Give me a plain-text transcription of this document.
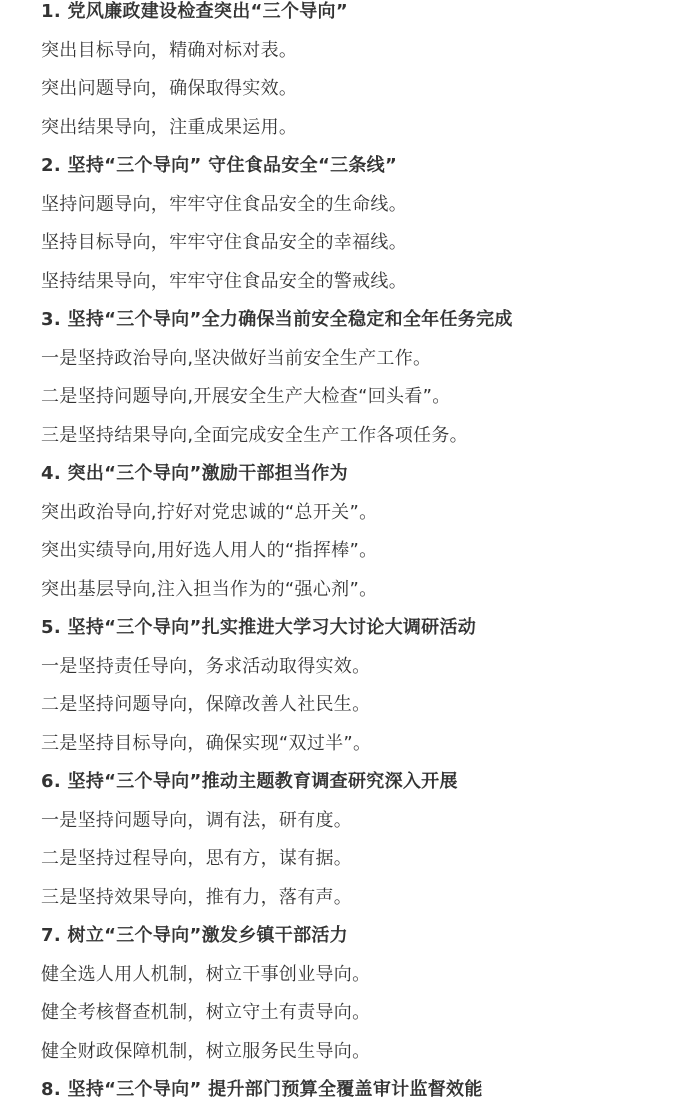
1. 党风廉政建设检查突出“三个导向”
突出目标导向，精确对标对表。
突出问题导向，确保取得实效。
突出结果导向，注重成果运用。
2. 坚持“三个导向” 守住食品安全“三条线”
坚持问题导向，牢牢守住食品安全的生命线。
坚持目标导向，牢牢守住食品安全的幸福线。
坚持结果导向，牢牢守住食品安全的警戒线。
3. 坚持“三个导向”全力确保当前安全稳定和全年任务完成
一是坚持政治导向,坚决做好当前安全生产工作。
二是坚持问题导向,开展安全生产大检查“回头看”。
三是坚持结果导向,全面完成安全生产工作各项任务。
4. 突出“三个导向”激励干部担当作为
突出政治导向,拧好对党忠诚的“总开关”。
突出实绩导向,用好选人用人的“指挥棒”。
突出基层导向,注入担当作为的“强心剂”。
5. 坚持“三个导向”扎实推进大学习大讨论大调研活动
一是坚持责任导向，务求活动取得实效。
二是坚持问题导向，保障改善人社民生。
三是坚持目标导向，确保实现“双过半”。
6. 坚持“三个导向”推动主题教育调查研究深入开展
一是坚持问题导向，调有法，研有度。
二是坚持过程导向，思有方，谋有据。
三是坚持效果导向，推有力，落有声。
7. 树立“三个导向”激发乡镇干部活力
健全选人用人机制，树立干事创业导向。
健全考核督查机制，树立守土有责导向。
健全财政保障机制，树立服务民生导向。
8. 坚持“三个导向” 提升部门预算全覆盖审计监督效能
